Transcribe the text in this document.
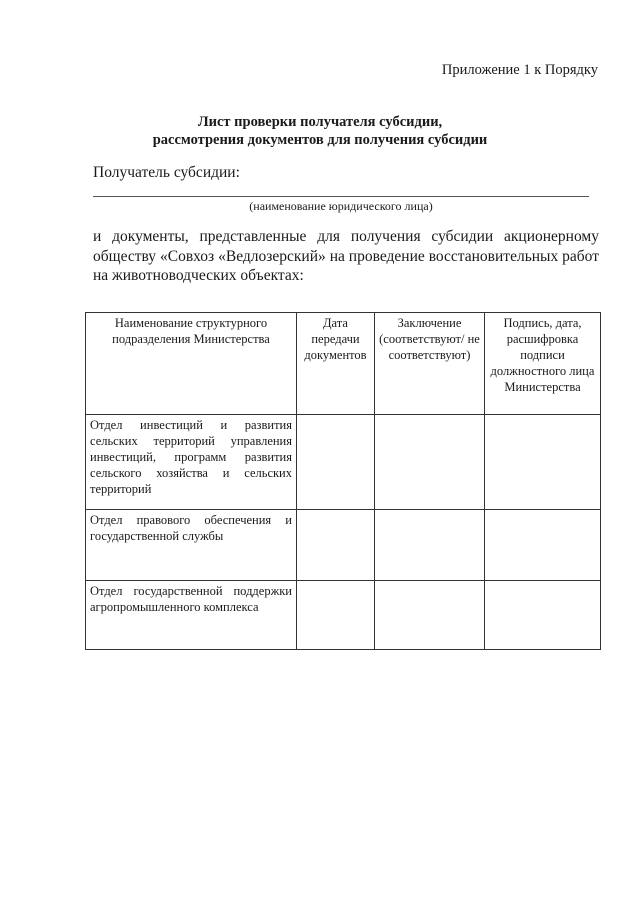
Приложение 1 к Порядку
Лист проверки получателя субсидии,
рассмотрения документов для получения субсидии
Получатель субсидии:
(наименование юридического лица)
и документы, представленные для получения субсидии акционерному обществу «Совхоз «Ведлозерский» на проведение восстановительных работ на животноводческих объектах:
Наименование структурного подразделения Министерства	Дата передачи документов	Заключение (соответствуют/ не соответствуют)	Подпись, дата, расшифровка подписи должностного лица Министерства
Отдел инвестиций и развития сельских территорий управления инвестиций, программ развития сельского хозяйства и сельских территорий			
Отдел правового обеспечения и государственной службы			
Отдел государственной поддержки агропромышленного комплекса			
